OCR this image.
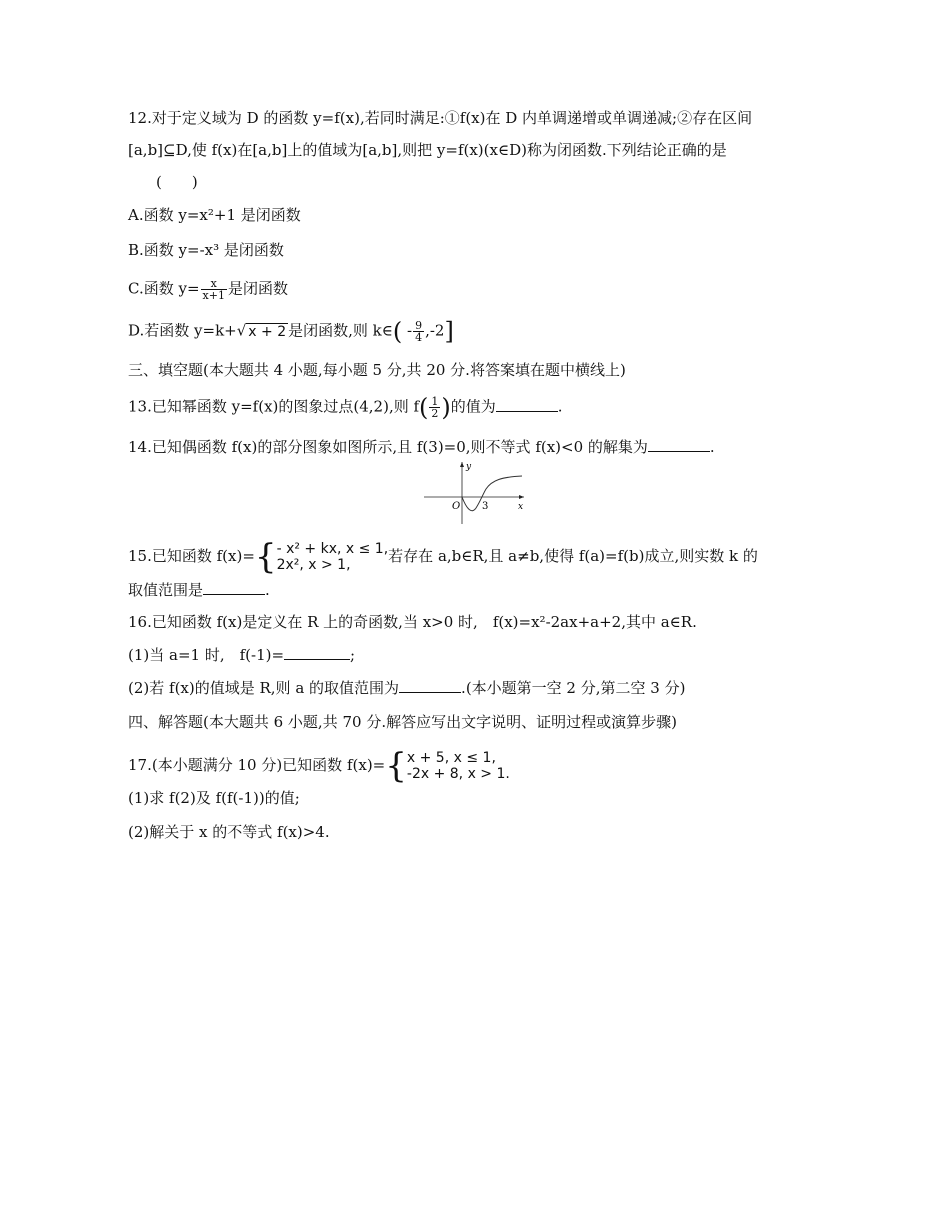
12.对于定义域为 D 的函数 y=f(x),若同时满足:①f(x)在 D 内单调递增或单调递减;②存在区间
[a,b]⊆D,使 f(x)在[a,b]上的值域为[a,b],则把 y=f(x)(x∈D)称为闭函数.下列结论正确的是
(　　)
A.函数 y=x²+1 是闭函数
B.函数 y=-x³ 是闭函数
C.函数 $y= \frac{x}{x+1}$ 是闭函数
D.若函数 y=k+√ x + 2 是闭函数,则 k∈( - $\frac{9}{4} ,-2$]
三、填空题(本大题共 4 小题,每小题 5 分,共 20 分.将答案填在题中横线上)
13.已知幂函数 y=f(x)的图象过点(4,2),则 $f( \frac{1}{2}$ )的值为	.
14.已知偶函数 f(x)的部分图象如图所示,且 f(3)=0,则不等式 f(x)<0 的解集为	.
y
x
O 3
15.已知函数 f(x)={ - x² + kx, x ≤ 1,
2x², x > 1,	若存在 a,b∈R,且 a≠b,使得 f(a)=f(b)成立,则实数 k 的
取值范围是	.
16.已知函数 f(x)是定义在 R 上的奇函数,当 x>0 时,　f(x)=x²-2ax+a+2,其中 a∈R.
(1)当 a=1 时,　f(-1)=	;
(2)若 f(x)的值域是 R,则 a 的取值范围为	.(本小题第一空 2 分,第二空 3 分)
四、解答题(本大题共 6 小题,共 70 分.解答应写出文字说明、证明过程或演算步骤)
17.(本小题满分 10 分)已知函数 f(x)={ x + 5, x ≤ 1,
-2x + 8, x > 1.
(1)求 f(2)及 f(f(-1))的值;
(2)解关于 x 的不等式 f(x)>4.
